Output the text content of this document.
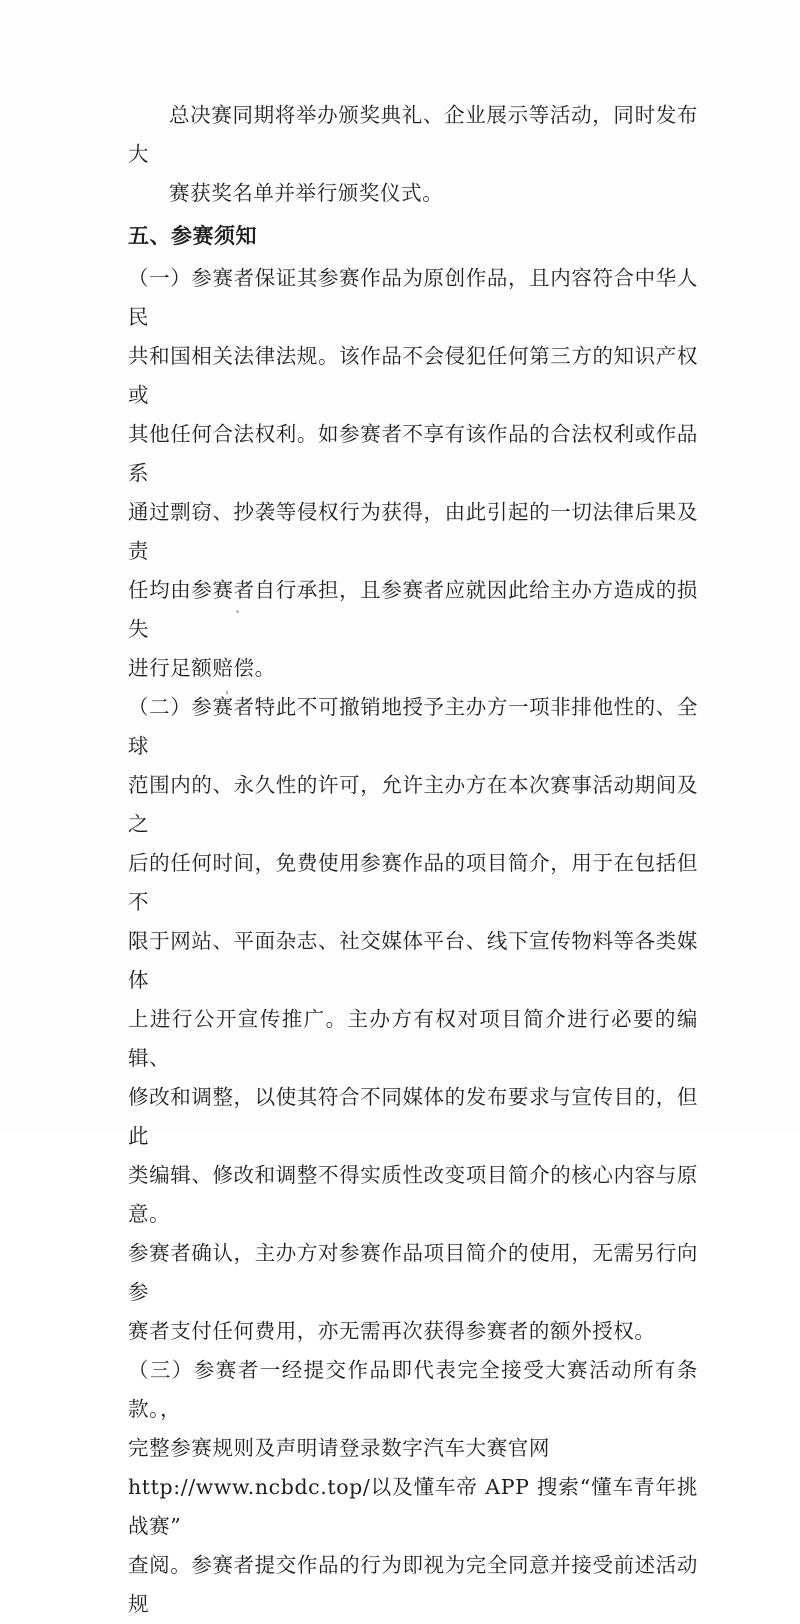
总决赛同期将举办颁奖典礼、企业展示等活动，同时发布大
赛获奖名单并举行颁奖仪式。

五、参赛须知

（一）参赛者保证其参赛作品为原创作品，且内容符合中华人民
共和国相关法律法规。该作品不会侵犯任何第三方的知识产权或
其他任何合法权利。如参赛者不享有该作品的合法权利或作品系
通过剽窃、抄袭等侵权行为获得，由此引起的一切法律后果及责
任均由参赛者自行承担，且参赛者应就因此给主办方造成的损失
进行足额赔偿。

（二）参赛者特此不可撤销地授予主办方一项非排他性的、全球
范围内的、永久性的许可，允许主办方在本次赛事活动期间及之
后的任何时间，免费使用参赛作品的项目简介，用于在包括但不
限于网站、平面杂志、社交媒体平台、线下宣传物料等各类媒体
上进行公开宣传推广。主办方有权对项目简介进行必要的编辑、
修改和调整，以使其符合不同媒体的发布要求与宣传目的，但此
类编辑、修改和调整不得实质性改变项目简介的核心内容与原意。
参赛者确认，主办方对参赛作品项目简介的使用，无需另行向参
赛者支付任何费用，亦无需再次获得参赛者的额外授权。

（三）参赛者一经提交作品即代表完全接受大赛活动所有条款。，
完整参赛规则及声明请登录数字汽车大赛官网
http://www.ncbdc.top/以及懂车帝 APP 搜索“懂车青年挑战赛”
查阅。参赛者提交作品的行为即视为完全同意并接受前述活动规
